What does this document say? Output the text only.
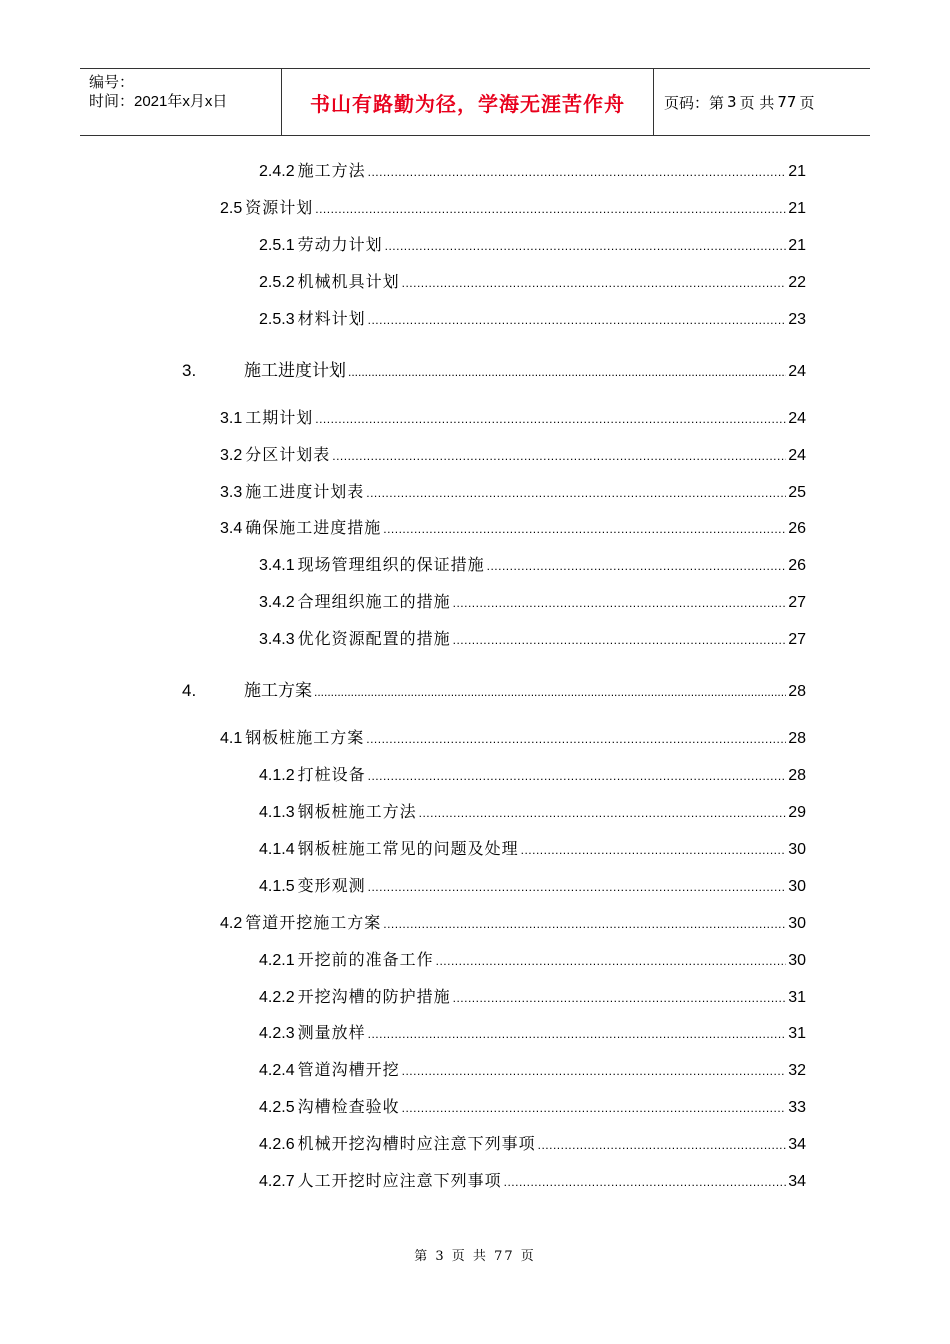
编号：
时间：2021年x月x日	书山有路勤为径，学海无涯苦作舟	页码：第 3 页 共 77 页
2.4.2 施工方法 .....	21
2.5 资源计划 .....	21
2.5.1 劳动力计划 .....	21
2.5.2 机械机具计划 .....	22
2.5.3 材料计划 .....	23
3.	施工进度计划 .....	24
3.1 工期计划 .....	24
3.2 分区计划表 .....	24
3.3 施工进度计划表 .....	25
3.4 确保施工进度措施 .....	26
3.4.1 现场管理组织的保证措施 .....	26
3.4.2 合理组织施工的措施 .....	27
3.4.3 优化资源配置的措施 .....	27
4.	施工方案 .....	28
4.1 钢板桩施工方案 .....	28
4.1.2 打桩设备 .....	28
4.1.3 钢板桩施工方法 .....	29
4.1.4 钢板桩施工常见的问题及处理 .....	30
4.1.5 变形观测 .....	30
4.2 管道开挖施工方案 .....	30
4.2.1 开挖前的准备工作 .....	30
4.2.2 开挖沟槽的防护措施 .....	31
4.2.3 测量放样 .....	31
4.2.4 管道沟槽开挖 .....	32
4.2.5 沟槽检查验收 .....	33
4.2.6 机械开挖沟槽时应注意下列事项 .....	34
4.2.7 人工开挖时应注意下列事项 .....	34
第 3 页 共 77 页
